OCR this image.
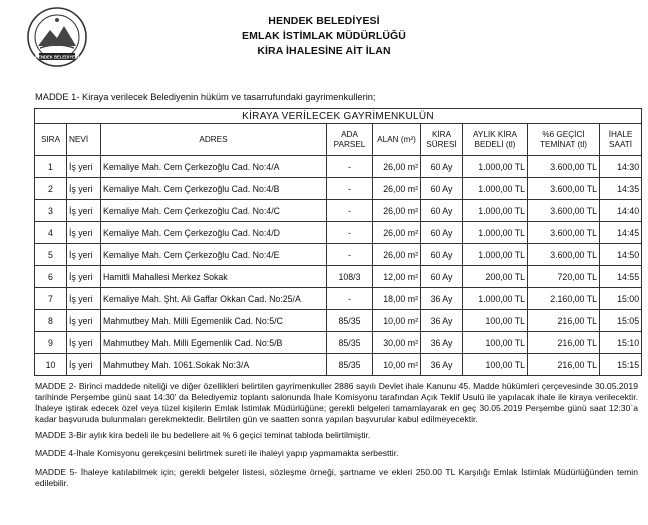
HENDEK BELEDİYESİ
HENDEK BELEDİYESİ
EMLAK İSTİMLAK MÜDÜRLÜĞÜ
KİRA İHALESİNE AİT İLAN
MADDE 1- Kiraya verilecek Belediyenin hüküm ve tasarrufundaki gayrimenkullerin;
KİRAYA VERİLECEK GAYRİMENKULÜN								
SIRA	NEVİ	ADRES	ADA PARSEL	ALAN (m²)	KİRA SÜRESİ	AYLIK KİRA BEDELİ (tl)	%6 GEÇİCİ TEMİNAT (tl)	İHALE SAATİ
1	İş yeri	Kemaliye Mah. Cem Çerkezoğlu Cad. No:4/A	-	26,00 m²	60 Ay	1.000,00 TL	3.600,00 TL	14:30
2	İş yeri	Kemaliye Mah. Cem Çerkezoğlu Cad. No:4/B	-	26,00 m²	60 Ay	1.000,00 TL	3.600,00 TL	14:35
3	İş yeri	Kemaliye Mah. Cem Çerkezoğlu Cad. No:4/C	-	26,00 m²	60 Ay	1.000,00 TL	3.600,00 TL	14:40
4	İş yeri	Kemaliye Mah. Cem Çerkezoğlu Cad. No:4/D	-	26,00 m²	60 Ay	1.000,00 TL	3.600,00 TL	14:45
5	İş yeri	Kemaliye Mah. Cem Çerkezoğlu Cad. No:4/E	-	26,00 m²	60 Ay	1.000,00 TL	3.600,00 TL	14:50
6	İş yeri	Hamitli Mahallesi Merkez Sokak	108/3	12,00 m²	60 Ay	200,00 TL	720,00 TL	14:55
7	İş yeri	Kemaliye Mah. Şht. Ali Gaffar Okkan Cad. No:25/A	-	18,00 m²	36 Ay	1.000,00 TL	2.160,00 TL	15:00
8	İş yeri	Mahmutbey Mah. Milli Egemenlik Cad. No:5/C	85/35	10,00 m²	36 Ay	100,00 TL	216,00 TL	15:05
9	İş yeri	Mahmutbey Mah. Milli Egemenlik Cad. No:5/B	85/35	30,00 m²	36 Ay	100,00 TL	216,00 TL	15:10
10	İş yeri	Mahmutbey Mah. 1061.Sokak No:3/A	85/35	10,00 m²	36 Ay	100,00 TL	216,00 TL	15:15
MADDE 2- Birinci maddede niteliği ve diğer özellikleri belirtilen gayrimenkuller 2886 sayılı Devlet ihale Kanunu 45. Madde hükümleri çerçevesinde 30.05.2019 tarihinde Perşembe günü saat 14:30' da Belediyemiz toplantı salonunda İhale Komisyonu tarafından Açık Teklif Usulü ile yapılacak ihale ile kiraya verilecektir. İhaleye iştirak edecek özel veya tüzel kişilerin Emlak İstimlak Müdürlüğüne; gerekli belgeleri tamamlayarak en geç 30.05.2019 Perşembe günü saat 12:30`a kadar başvuruda bulunmaları gerekmektedir. Belirtilen gün ve saatten sonra yapılan başvurular kabul edilmeyecektir.
MADDE 3-Bir aylık kira bedeli ile bu bedellere ait % 6 geçici teminat tabloda belirtilmiştir.
MADDE 4-İhale Komisyonu gerekçesini belirtmek sureti ile ihaleyi yapıp yapmamakta serbesttir.
MADDE 5- İhaleye katılabilmek için; gerekli belgeler listesi, sözleşme örneği, şartname ve ekleri 250.00 TL Karşılığı Emlak İstimlak Müdürlüğünden temin edilebilir.
